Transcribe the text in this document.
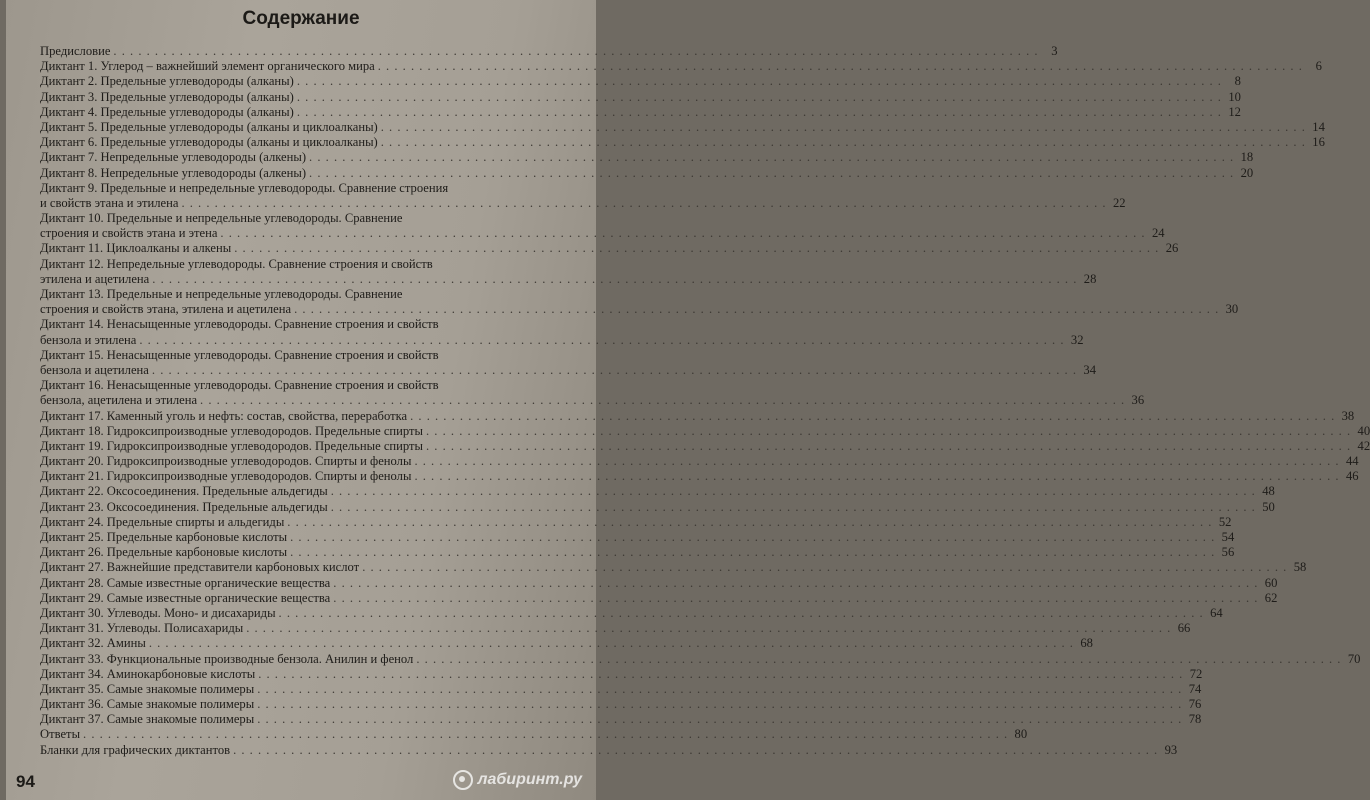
Содержание
Предисловие . . .	3
Диктант 1. Углерод – важнейший элемент органического мира . . .	6
Диктант 2. Предельные углеводороды (алканы) . . .	8
Диктант 3. Предельные углеводороды (алканы) . . .	10
Диктант 4. Предельные углеводороды (алканы) . . .	12
Диктант 5. Предельные углеводороды (алканы и циклоалканы) . . .	14
Диктант 6. Предельные углеводороды (алканы и циклоалканы) . . .	16
Диктант 7. Непредельные углеводороды (алкены) . . .	18
Диктант 8. Непредельные углеводороды (алкены) . . .	20
Диктант 9. Предельные и непредельные углеводороды. Сравнение строения
и свойств этана и этилена . . .	22
Диктант 10. Предельные и непредельные углеводороды. Сравнение
строения и свойств этана и этена . . .	24
Диктант 11. Циклоалканы и алкены . . .	26
Диктант 12. Непредельные углеводороды. Сравнение строения и свойств
этилена и ацетилена . . .	28
Диктант 13. Предельные и непредельные углеводороды. Сравнение
строения и свойств этана, этилена и ацетилена . . .	30
Диктант 14. Ненасыщенные углеводороды. Сравнение строения и свойств
бензола и этилена . . .	32
Диктант 15. Ненасыщенные углеводороды. Сравнение строения и свойств
бензола и ацетилена . . .	34
Диктант 16. Ненасыщенные углеводороды. Сравнение строения и свойств
бензола, ацетилена и этилена . . .	36
Диктант 17. Каменный уголь и нефть: состав, свойства, переработка . . .	38
Диктант 18. Гидроксипроизводные углеводородов. Предельные спирты . . .	40
Диктант 19. Гидроксипроизводные углеводородов. Предельные спирты . . .	42
Диктант 20. Гидроксипроизводные углеводородов. Спирты и фенолы . . .	44
Диктант 21. Гидроксипроизводные углеводородов. Спирты и фенолы . . .	46
Диктант 22. Оксосоединения. Предельные альдегиды . . .	48
Диктант 23. Оксосоединения. Предельные альдегиды . . .	50
Диктант 24. Предельные спирты и альдегиды . . .	52
Диктант 25. Предельные карбоновые кислоты . . .	54
Диктант 26. Предельные карбоновые кислоты . . .	56
Диктант 27. Важнейшие представители карбоновых кислот . . .	58
Диктант 28. Самые известные органические вещества . . .	60
Диктант 29. Самые известные органические вещества . . .	62
Диктант 30. Углеводы. Моно- и дисахариды . . .	64
Диктант 31. Углеводы. Полисахариды . . .	66
Диктант 32. Амины . . .	68
Диктант 33. Функциональные производные бензола. Анилин и фенол . . .	70
Диктант 34. Аминокарбоновые кислоты . . .	72
Диктант 35. Самые знакомые полимеры . . .	74
Диктант 36. Самые знакомые полимеры . . .	76
Диктант 37. Самые знакомые полимеры . . .	78
Ответы . . .	80
Бланки для графических диктантов . . .	93
94	лабиринт.ру
